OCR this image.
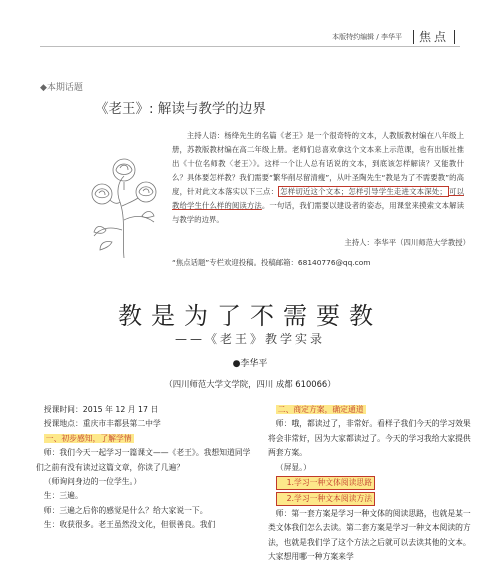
本版特约编辑 / 李华平 焦点
◆本期话题
《老王》: 解读与教学的边界

主持人语：杨绛先生的名篇《老王》是一个很奇特的文本，人教版教材编在八年级上册，苏教版教材编在高二年级上册。老师们总喜欢拿这个文本来上示范课，也有出版社推出《十位名师教〈老王〉》。这样一个让人总有话说的文本，到底该怎样解读？又能教什么？具体要怎样教？我们需要“繁华削尽留清瘦”，从叶圣陶先生“教是为了不需要教”的高度，针对此文本落实以下三点： 怎样切近这个文本；怎样引导学生走进文本深处； 可以教给学生什么样的阅读方法。一句话，我们需要以建设者的姿态，用课堂来摸索文本解读与教学的边界。

主持人：李华平（四川师范大学教授）
“焦点话题”专栏欢迎投稿。投稿邮箱：68140776@qq.com
教是为了不需要教
——《老王》教学实录
●李华平
（四川师范大学文学院，四川 成都 610066）
授课时间：2015 年 12 月 17 日
授课地点：重庆市丰都县第二中学
一、初步感知，了解学情
师：我们今天一起学习一篇课文——《老王》。我想知道同学们之前有没有读过这篇文章，你读了几遍？
（师询问身边的一位学生。）
生：三遍。
师：三遍之后你的感觉是什么？给大家说一下。
生：收获很多。老王虽然没文化，但很善良。我们
二、商定方案，确定通道
师：哦，都读过了，非常好。看样子我们今天的学习效果将会非常好，因为大家都读过了。今天的学习我给大家提供两套方案。
（屏显。）
1.学习一种文体阅读思路
2.学习一种文本阅读方法
师：第一套方案是学习一种文体的阅读思路，也就是某一类文体我们怎么去读。第二套方案是学习一种文本阅读的方法，也就是我们学了这个方法之后就可以去读其他的文本。大家想用哪一种方案来学
